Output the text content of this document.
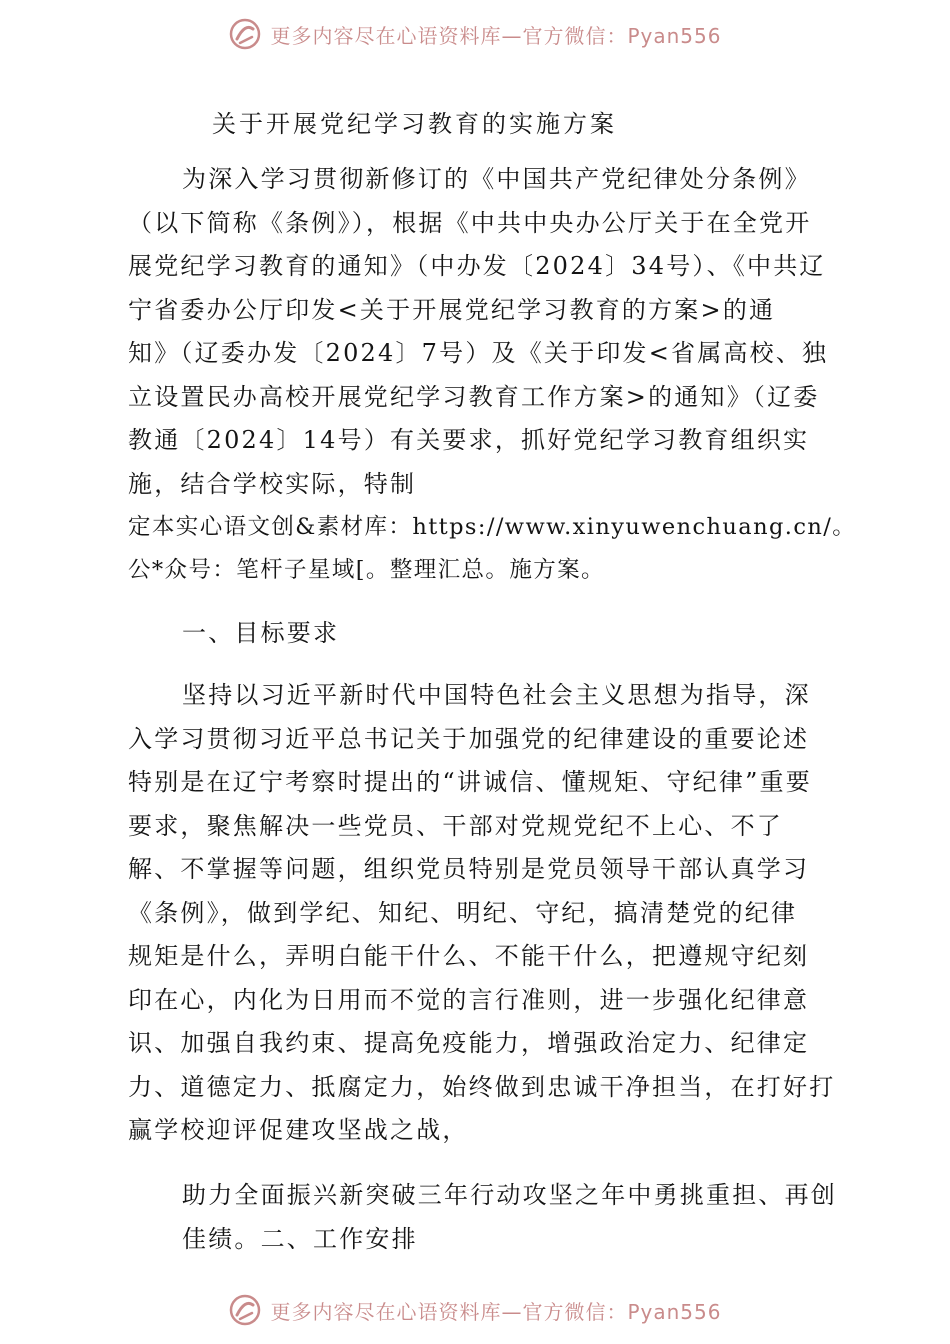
更多内容尽在心语资料库—官方微信：Pyan556
关于开展党纪学习教育的实施方案
为深入学习贯彻新修订的《中国共产党纪律处分条例》
（以下简称《条例》），根据《中共中央办公厅关于在全党开
展党纪学习教育的通知》（中办发〔2024〕34号）、《中共辽
宁省委办公厅印发<关于开展党纪学习教育的方案>的通
知》（辽委办发〔2024〕7号）及《关于印发<省属高校、独
立设置民办高校开展党纪学习教育工作方案>的通知》（辽委
教通〔2024〕14号）有关要求，抓好党纪学习教育组织实
施，结合学校实际，特制
定本实心语文创&素材库：https://www.xinyuwenchuang.cn/。
公*众号：笔杆子星域[。整理汇总。施方案。
一、目标要求
坚持以习近平新时代中国特色社会主义思想为指导，深
入学习贯彻习近平总书记关于加强党的纪律建设的重要论述
特别是在辽宁考察时提出的“讲诚信、懂规矩、守纪律”重要
要求，聚焦解决一些党员、干部对党规党纪不上心、不了
解、不掌握等问题，组织党员特别是党员领导干部认真学习
《条例》，做到学纪、知纪、明纪、守纪，搞清楚党的纪律
规矩是什么，弄明白能干什么、不能干什么，把遵规守纪刻
印在心，内化为日用而不觉的言行准则，进一步强化纪律意
识、加强自我约束、提高免疫能力，增强政治定力、纪律定
力、道德定力、抵腐定力，始终做到忠诚干净担当，在打好打
赢学校迎评促建攻坚战之战，
助力全面振兴新突破三年行动攻坚之年中勇挑重担、再创
佳绩。二、工作安排
更多内容尽在心语资料库—官方微信：Pyan556
